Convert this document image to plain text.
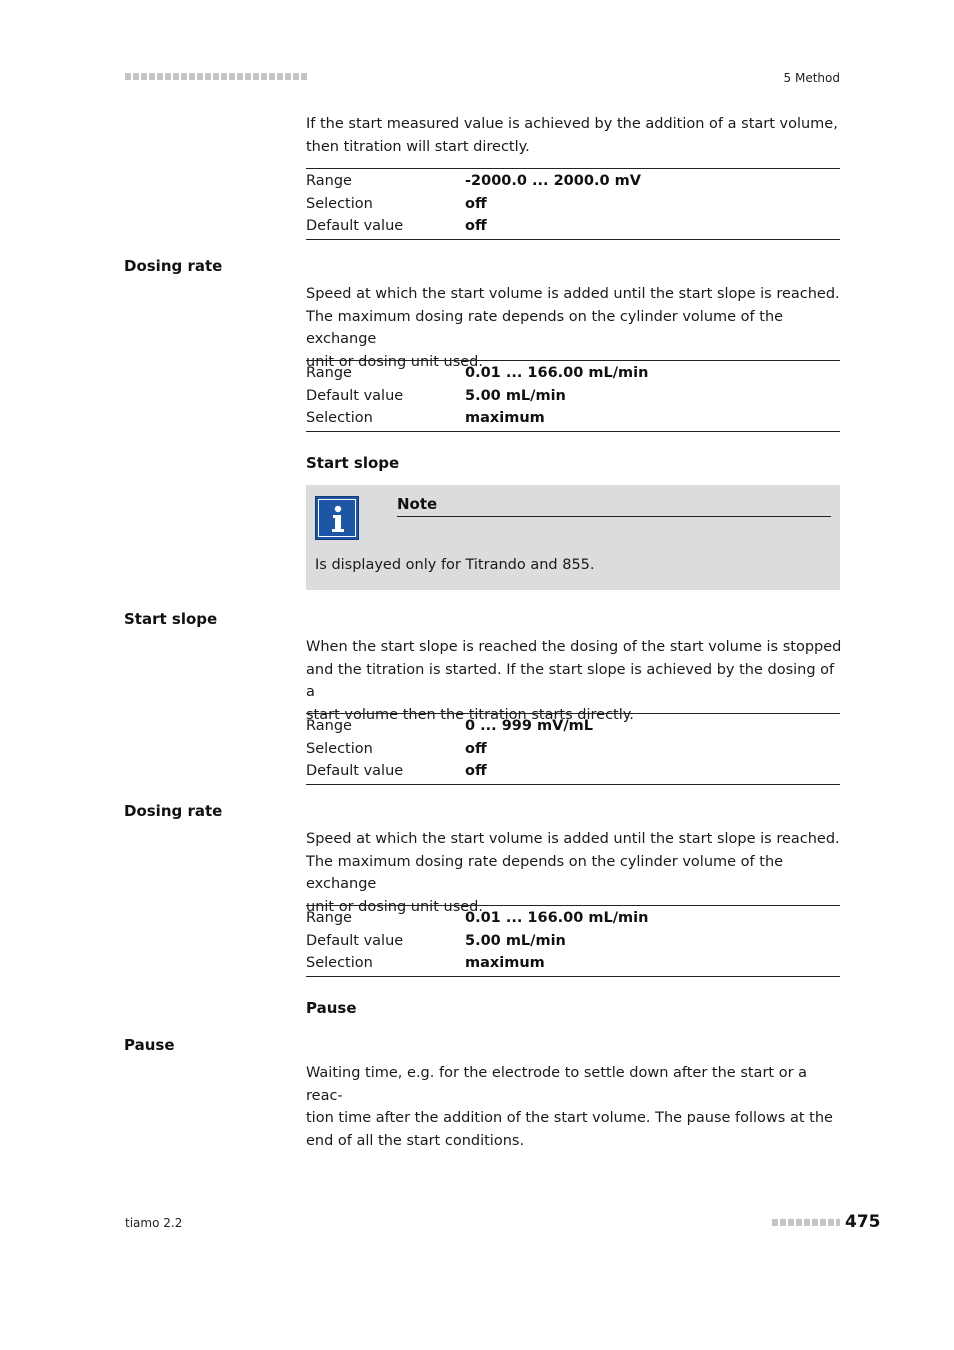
5 Method
If the start measured value is achieved by the addition of a start volume,
then titration will start directly.
Range	-2000.0 ... 2000.0 mV
Selection	off
Default value	off
Dosing rate
Speed at which the start volume is added until the start slope is reached.
The maximum dosing rate depends on the cylinder volume of the exchange
unit or dosing unit used.
Range	0.01 ... 166.00 mL/min
Default value	5.00 mL/min
Selection	maximum
Start slope
Note
Is displayed only for Titrando and 855.
Start slope
When the start slope is reached the dosing of the start volume is stopped
and the titration is started. If the start slope is achieved by the dosing of a
start volume then the titration starts directly.
Range	0 ... 999 mV/mL
Selection	off
Default value	off
Dosing rate
Speed at which the start volume is added until the start slope is reached.
The maximum dosing rate depends on the cylinder volume of the exchange
unit or dosing unit used.
Range	0.01 ... 166.00 mL/min
Default value	5.00 mL/min
Selection	maximum
Pause
Pause
Waiting time, e.g. for the electrode to settle down after the start or a reac-
tion time after the addition of the start volume. The pause follows at the
end of all the start conditions.
tiamo 2.2	475
